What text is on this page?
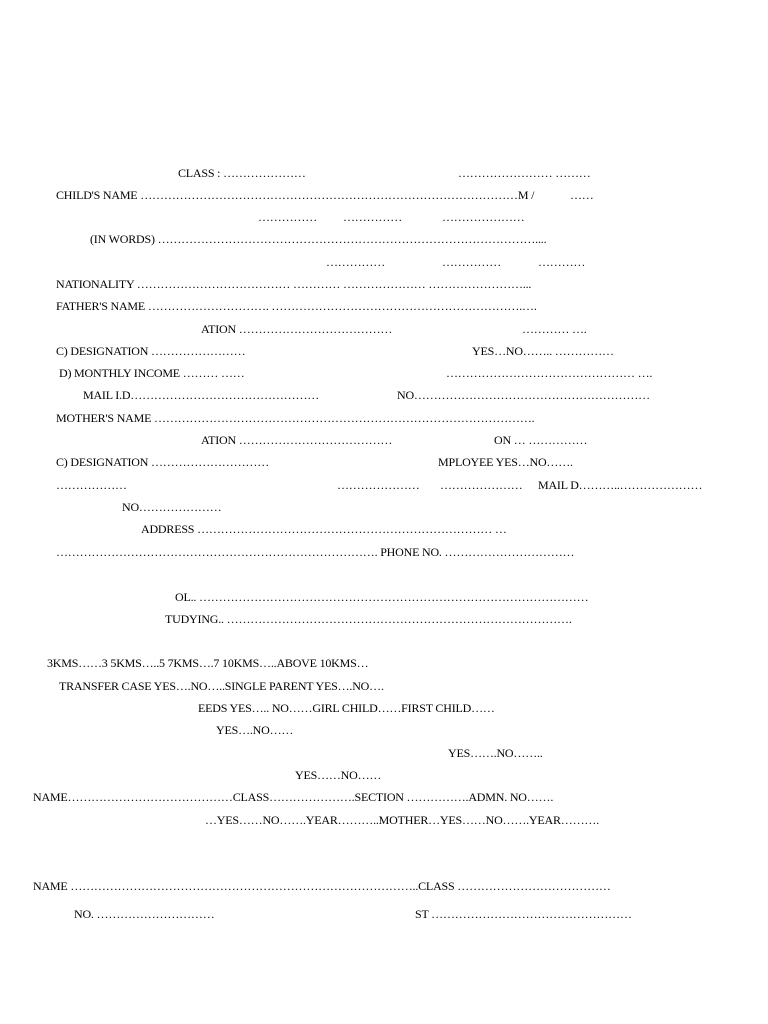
CLASS : …………………	…………………… ………
CHILD'S NAME ……………………………………………………………………………………M /	……
…………… ……………	…………………
(IN WORDS) ……………………………………………………………………………………....
……………	……………	…………
NATIONALITY ………………………………… ………… ………………… ……………………...
FATHER'S NAME …………………………. ……………………………………………………….….
ATION …………………………………	………… ….
C) DESIGNATION ……………………	YES…NO…….. ……………
D) MONTHLY INCOME ……… ……	………………………………………… ….
MAIL I.D…………………………………………	NO……………………………………………………
MOTHER'S NAME …………………………………………………………………………………….
ATION …………………………………	ON … ……………
C) DESIGNATION …………………………	MPLOYEE YES…NO…….
………………	………………… ………………… MAIL D………..…………………
NO…………………
ADDRESS ………………………………………………………………… …
………………………………………………………………………. PHONE NO. ……………………………
OL.. ………………………………………………………………………………………
TUDYING.. …………………………………………………………………………….
3KMS……3 5KMS…..5 7KMS….7 10KMS…..ABOVE 10KMS…
TRANSFER CASE YES….NO…..SINGLE PARENT YES….NO….
EEDS YES….. NO……GIRL CHILD……FIRST CHILD……
YES….NO……
YES…….NO……..
YES……NO……
NAME……………………………………CLASS………………….SECTION …………….ADMN. NO…….
…YES……NO…….YEAR………..MOTHER…YES……NO…….YEAR……….
NAME ……………………………………………………………………………..CLASS …………………………………
NO. …………………………	ST ……………………………………………
